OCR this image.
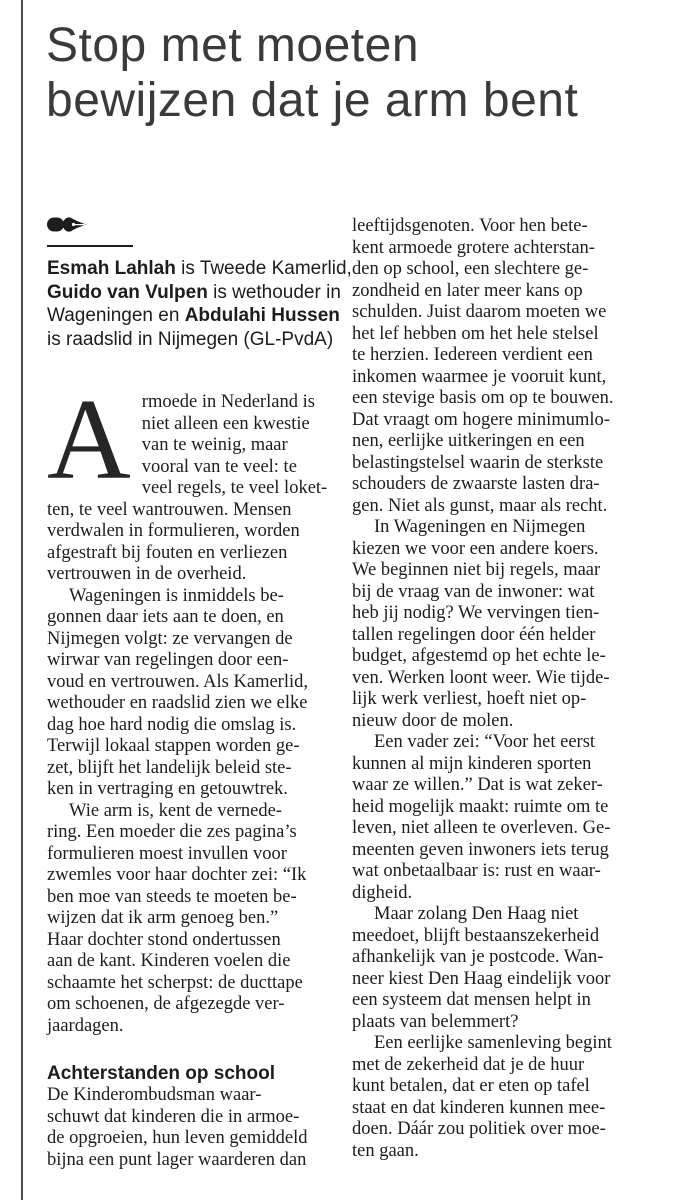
Stop met moeten
bewijzen dat je arm bent
Esmah Lahlah is Tweede Kamerlid,
Guido van Vulpen is wethouder in
Wageningen en Abdulahi Hussen
is raadslid in Nijmegen (GL-PvdA)
A rmoede in Nederland is
niet alleen een kwestie
van te weinig, maar
vooral van te veel: te
veel regels, te veel loket-
ten, te veel wantrouwen. Mensen
verdwalen in formulieren, worden
afgestraft bij fouten en verliezen
vertrouwen in de overheid.
Wageningen is inmiddels be-
gonnen daar iets aan te doen, en
Nijmegen volgt: ze vervangen de
wirwar van regelingen door een-
voud en vertrouwen. Als Kamerlid,
wethouder en raadslid zien we elke
dag hoe hard nodig die omslag is.
Terwijl lokaal stappen worden ge-
zet, blijft het landelijk beleid ste-
ken in vertraging en getouwtrek.
Wie arm is, kent de vernede-
ring. Een moeder die zes pagina’s
formulieren moest invullen voor
zwemles voor haar dochter zei: “Ik
ben moe van steeds te moeten be-
wijzen dat ik arm genoeg ben.”
Haar dochter stond ondertussen
aan de kant. Kinderen voelen die
schaamte het scherpst: de ducttape
om schoenen, de afgezegde ver-
jaardagen.
Achterstanden op school
De Kinderombudsman waar-
schuwt dat kinderen die in armoe-
de opgroeien, hun leven gemiddeld
bijna een punt lager waarderen dan
leeftijdsgenoten. Voor hen bete-
kent armoede grotere achterstan-
den op school, een slechtere ge-
zondheid en later meer kans op
schulden. Juist daarom moeten we
het lef hebben om het hele stelsel
te herzien. Iedereen verdient een
inkomen waarmee je vooruit kunt,
een stevige basis om op te bouwen.
Dat vraagt om hogere minimumlo-
nen, eerlijke uitkeringen en een
belastingstelsel waarin de sterkste
schouders de zwaarste lasten dra-
gen. Niet als gunst, maar als recht.
In Wageningen en Nijmegen
kiezen we voor een andere koers.
We beginnen niet bij regels, maar
bij de vraag van de inwoner: wat
heb jij nodig? We vervingen tien-
tallen regelingen door één helder
budget, afgestemd op het echte le-
ven. Werken loont weer. Wie tijde-
lijk werk verliest, hoeft niet op-
nieuw door de molen.
Een vader zei: “Voor het eerst
kunnen al mijn kinderen sporten
waar ze willen.” Dat is wat zeker-
heid mogelijk maakt: ruimte om te
leven, niet alleen te overleven. Ge-
meenten geven inwoners iets terug
wat onbetaalbaar is: rust en waar-
digheid.
Maar zolang Den Haag niet
meedoet, blijft bestaanszekerheid
afhankelijk van je postcode. Wan-
neer kiest Den Haag eindelijk voor
een systeem dat mensen helpt in
plaats van belemmert?
Een eerlijke samenleving begint
met de zekerheid dat je de huur
kunt betalen, dat er eten op tafel
staat en dat kinderen kunnen mee-
doen. Dáár zou politiek over moe-
ten gaan.
